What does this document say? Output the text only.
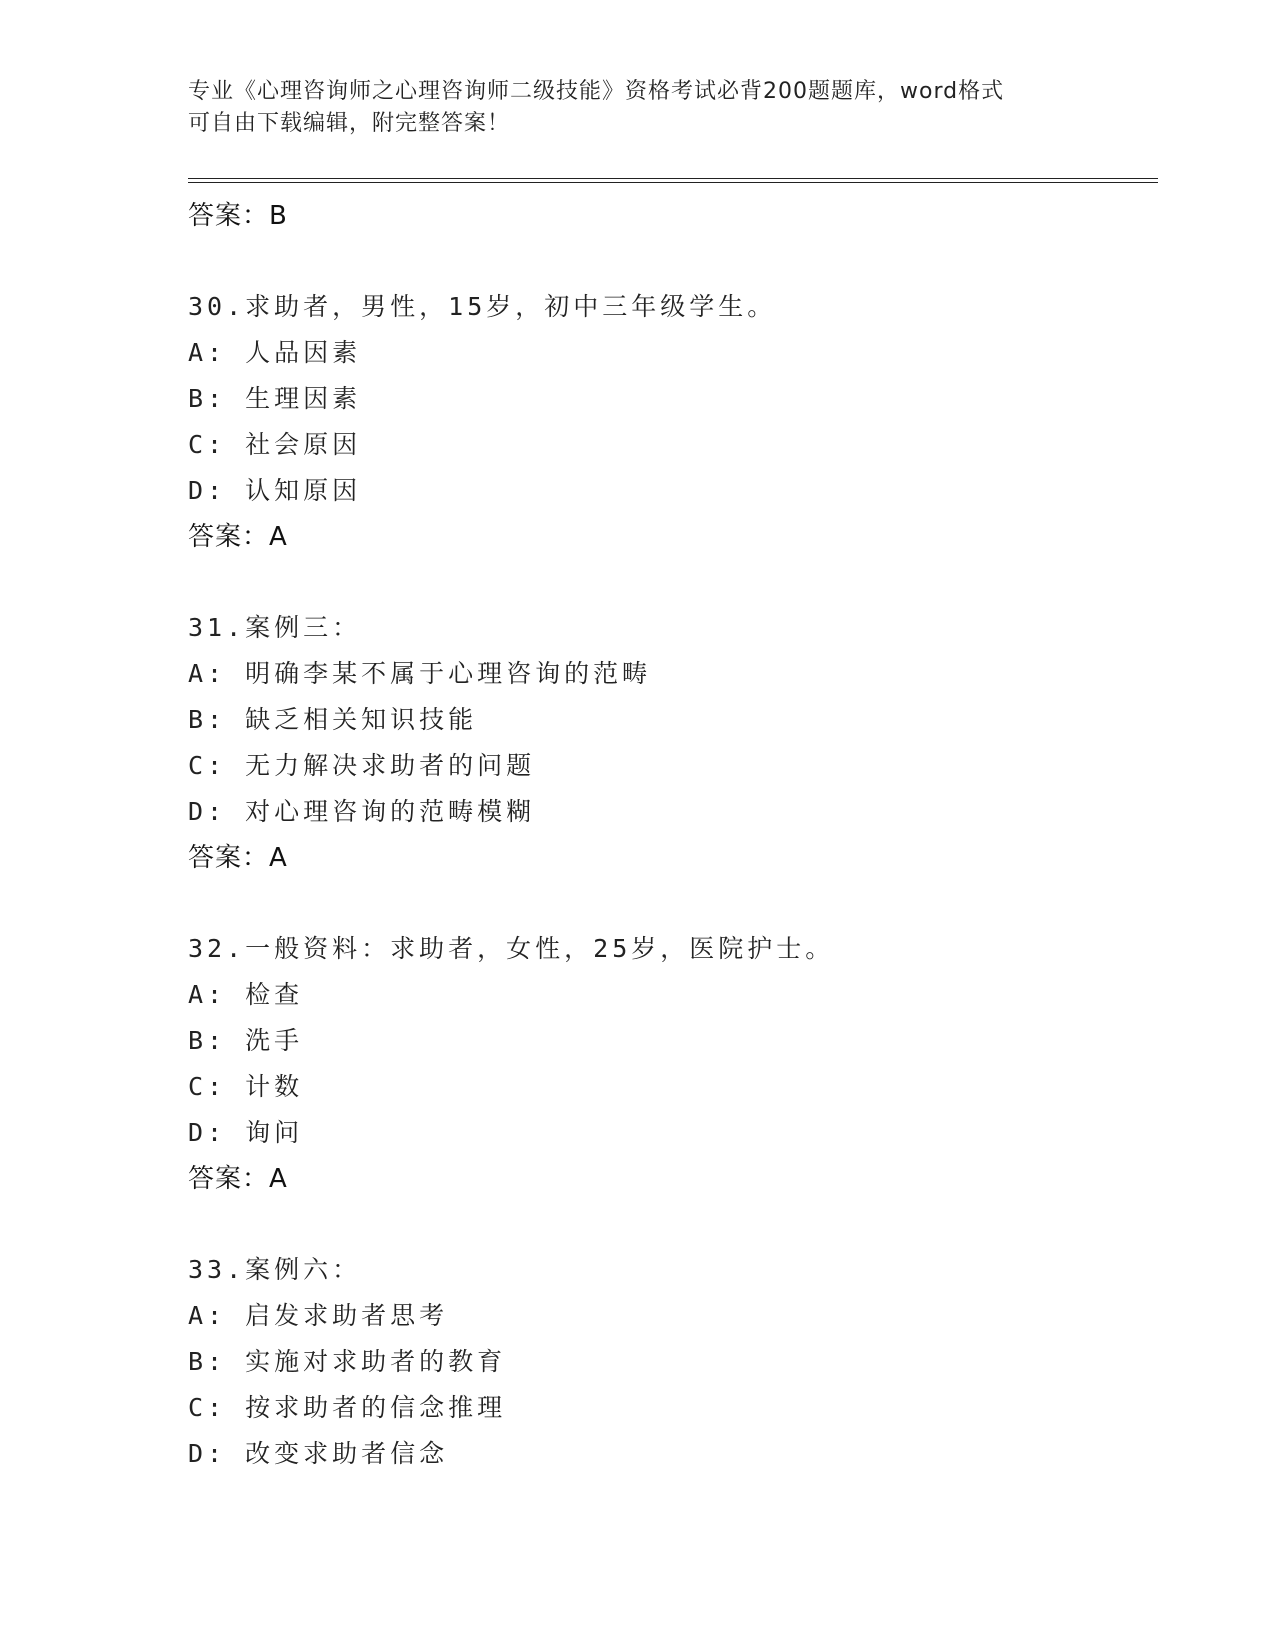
专业《心理咨询师之心理咨询师二级技能》资格考试必背200题题库，word格式
可自由下载编辑，附完整答案！
答案：B
30.求助者，男性，15岁，初中三年级学生。
A: 人品因素
B: 生理因素
C: 社会原因
D: 认知原因
答案：A
31.案例三：
A: 明确李某不属于心理咨询的范畴
B: 缺乏相关知识技能
C: 无力解决求助者的问题
D: 对心理咨询的范畴模糊
答案：A
32.一般资料：求助者，女性，25岁，医院护士。
A: 检查
B: 洗手
C: 计数
D: 询问
答案：A
33.案例六：
A: 启发求助者思考
B: 实施对求助者的教育
C: 按求助者的信念推理
D: 改变求助者信念
